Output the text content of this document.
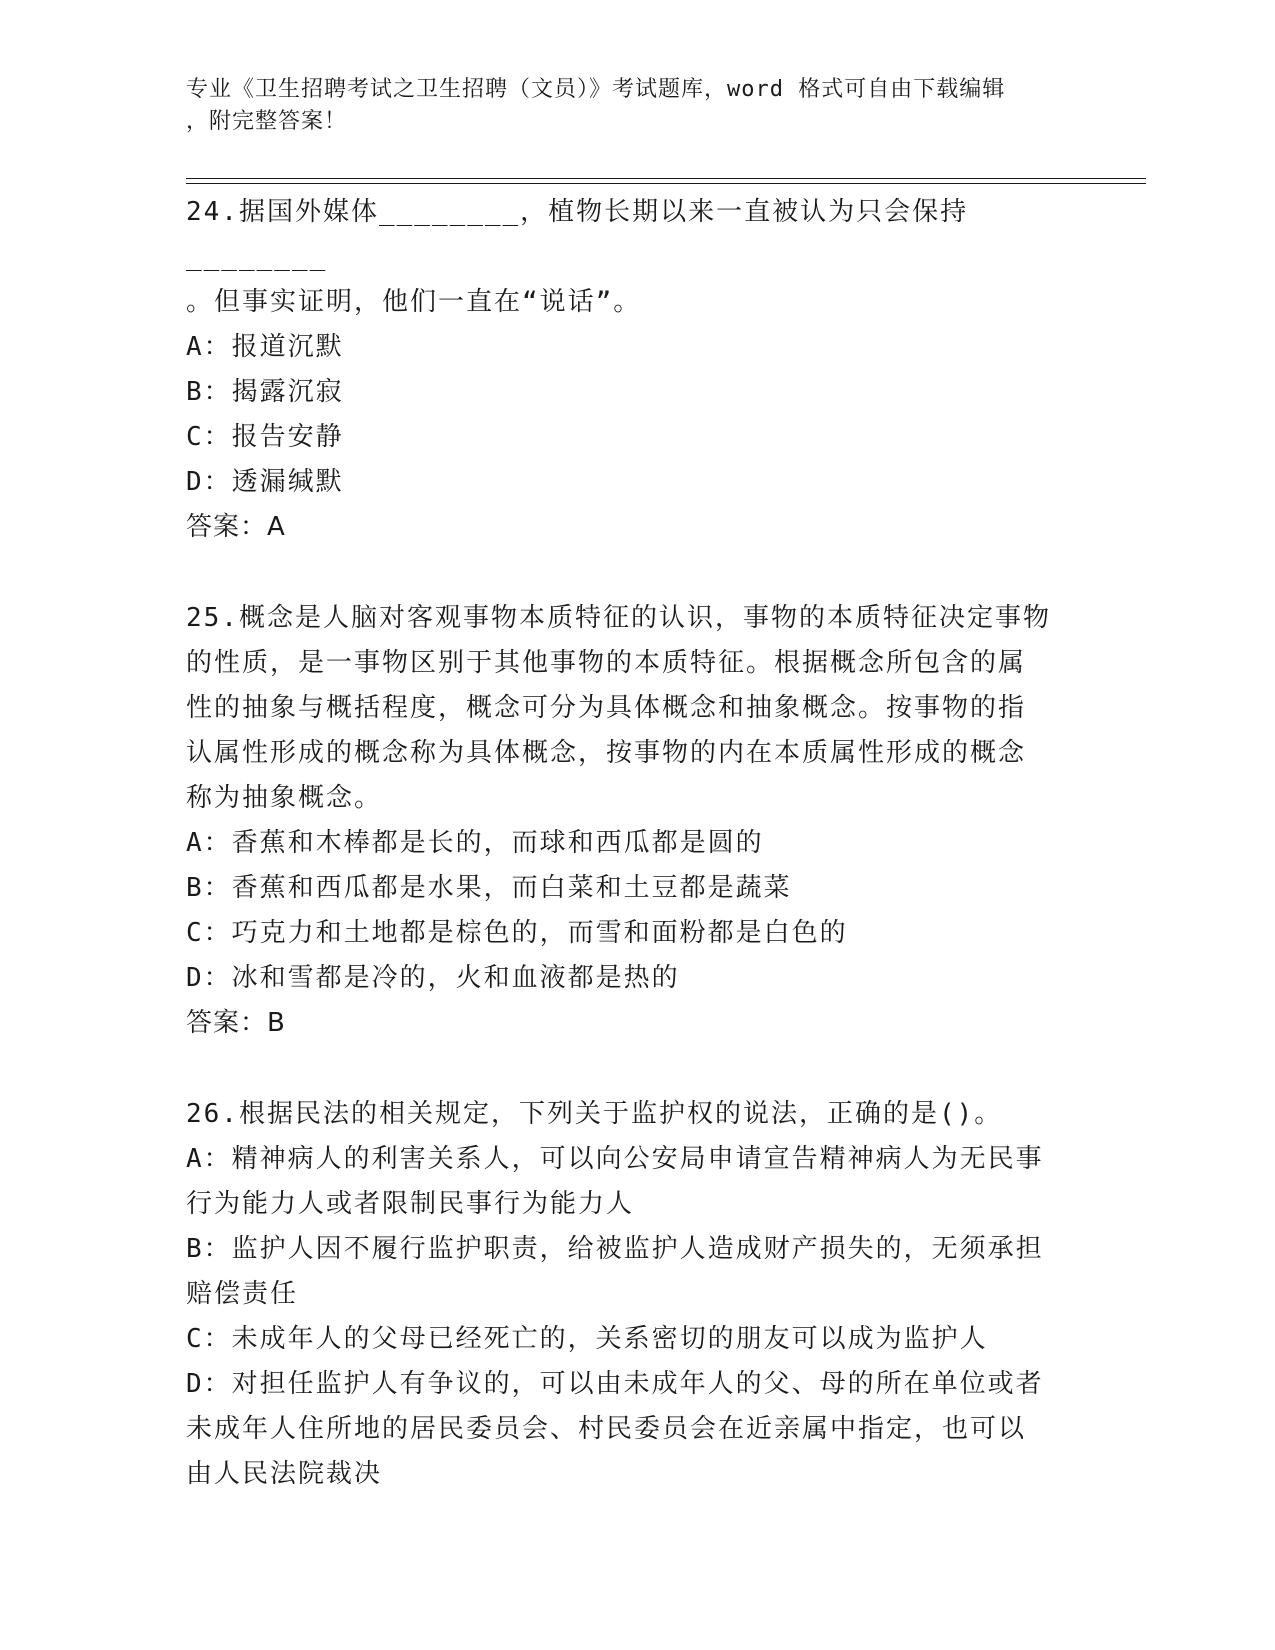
专业《卫生招聘考试之卫生招聘（文员）》考试题库，word 格式可自由下载编辑
，附完整答案！
24.据国外媒体________，植物长期以来一直被认为只会保持________
。但事实证明，他们一直在“说话”。
A：报道沉默
B：揭露沉寂
C：报告安静
D：透漏缄默
答案：A
25.概念是人脑对客观事物本质特征的认识，事物的本质特征决定事物
的性质，是一事物区别于其他事物的本质特征。根据概念所包含的属
性的抽象与概括程度，概念可分为具体概念和抽象概念。按事物的指
认属性形成的概念称为具体概念，按事物的内在本质属性形成的概念
称为抽象概念。
A：香蕉和木棒都是长的，而球和西瓜都是圆的
B：香蕉和西瓜都是水果，而白菜和土豆都是蔬菜
C：巧克力和土地都是棕色的，而雪和面粉都是白色的
D：冰和雪都是冷的，火和血液都是热的
答案：B
26.根据民法的相关规定，下列关于监护权的说法，正确的是()。
A：精神病人的利害关系人，可以向公安局申请宣告精神病人为无民事
行为能力人或者限制民事行为能力人
B：监护人因不履行监护职责，给被监护人造成财产损失的，无须承担
赔偿责任
C：未成年人的父母已经死亡的，关系密切的朋友可以成为监护人
D：对担任监护人有争议的，可以由未成年人的父、母的所在单位或者
未成年人住所地的居民委员会、村民委员会在近亲属中指定，也可以
由人民法院裁决
